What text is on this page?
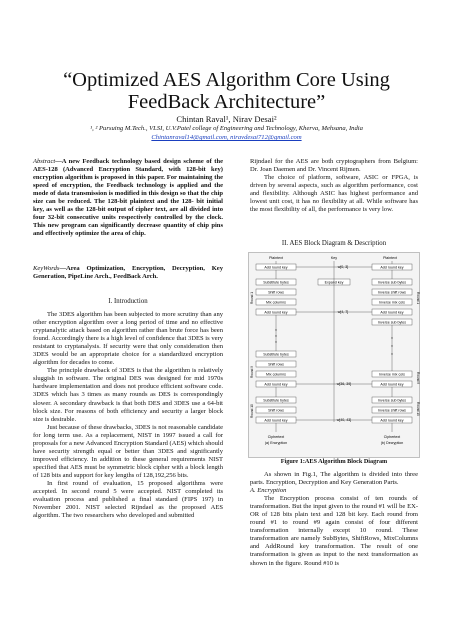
“Optimized AES Algorithm Core Using
FeedBack Architecture”
Chintan Raval¹, Nirav Desai²
¹, ² Pursuing M.Tech., VLSI, U.V.Patel college of Engineering and Technology, Kherva, Mehsana, India
Chintanraval14@gmail.com, niravdesai712@gmail.com

Abstract—A new Feedback technology based design scheme of the AES-128 (Advanced Encryption Standard, with 128-bit key) encryption algorithm is proposed in this paper. For maintaining the speed of encryption, the Feedback technology is applied and the mode of data transmission is modified in this design so that the chip size can be reduced. The 128-bit plaintext and the 128- bit initial key, as well as the 128-bit output of cipher text, are all divided into four 32-bit consecutive units respectively controlled by the clock. This new program can significantly decrease quantity of chip pins and effectively optimize the area of chip.

KeyWords—Area Optimization, Encryption, Decryption, Key Generation, PipeLine Arch., FeedBack Arch.

I. Introduction

The 3DES algorithm has been subjected to more scrutiny than any other encryption algorithm over a long period of time and no effective cryptanalytic attack based on algorithm rather than brute force has been found. Accordingly there is a high level of confidence that 3DES is very resistant to cryptanalysis. If security were that only consideration then 3DES would be an appropriate choice for a standardized encryption algorithm for decades to come.

The principle drawback of 3DES is that the algorithm is relatively sluggish in software. The original DES was designed for mid 1970s hardware implementation and does not produce efficient software code. 3DES which has 3 times as many rounds as DES is correspondingly slower. A secondary drawback is that both DES and 3DES use a 64-bit block size. For reasons of both efficiency and security a larger block size is desirable.

Just because of these drawbacks, 3DES is not reasonable candidate for long term use. As a replacement, NIST in 1997 issued a call for proposals for a new Advanced Encryption Standard (AES) which should have security strength equal or better than 3DES and significantly improved efficiency. In addition to these general requirements NIST specified that AES must be symmetric block cipher with a block length of 128 bits and support for key lengths of 128,192,256 bits.

In first round of evaluation, 15 proposed algorithms were accepted. In second round 5 were accepted. NIST completed its evaluation process and published a final standard (FIPS 197) in November 2001. NIST selected Rijndael as the proposed AES algorithm. The two researchers who developed and submitted

Rijndael for the AES are both cryptographers from Belgium: Dr. Joan Daemen and Dr. Vincent Rijmen.

The choice of platform, software, ASIC or FPGA, is driven by several aspects, such as algorithm performance, cost and flexibility. Although ASIC has highest performance and lowest unit cost, it has no flexibility at all. While software has the most flexibility of all, the performance is very low.

II. AES Block Diagram & Description
Plaintext	Key	Plaintext
Add round key
Substitute bytes
Shift rows
Mix columns
Add round key
Substitute bytes
Shift rows
Mix columns
Add round key
Substitute bytes
Shift rows
Add round key
Expand key
w[0, 3]
w[4, 7]
w[36, 39]
w[40, 43]
Add round key
Inverse sub bytes
Inverse shift rows
Inverse mix cols
Add round key
Inverse sub bytes
Inverse mix cols
Add round key
Inverse sub bytes
Inverse shift rows
Add round key
Round 1
Round 9
Round 10
Round 1
Round 9
Round 10
Ciphertext	Ciphertext
(a) Encryption	(b) Decryption
Figure 1:AES Algorithm Block Diagram

As shown in Fig.1, The algorithm is divided into three parts. Encryption, Decryption and Key Generation Parts.

A. Encryption

The Encryption process consist of ten rounds of transformation. But the input given to the round #1 will be EX-OR of 128 bits plain text and 128 bit key. Each round from round #1 to round #9 again consist of four different transformation internally except 10 round. These transformation are namely SubBytes, ShiftRows, MixColumns and AddRound key transformation. The result of one transformation is given as input to the next transformation as shown in the figure. Round #10 is
